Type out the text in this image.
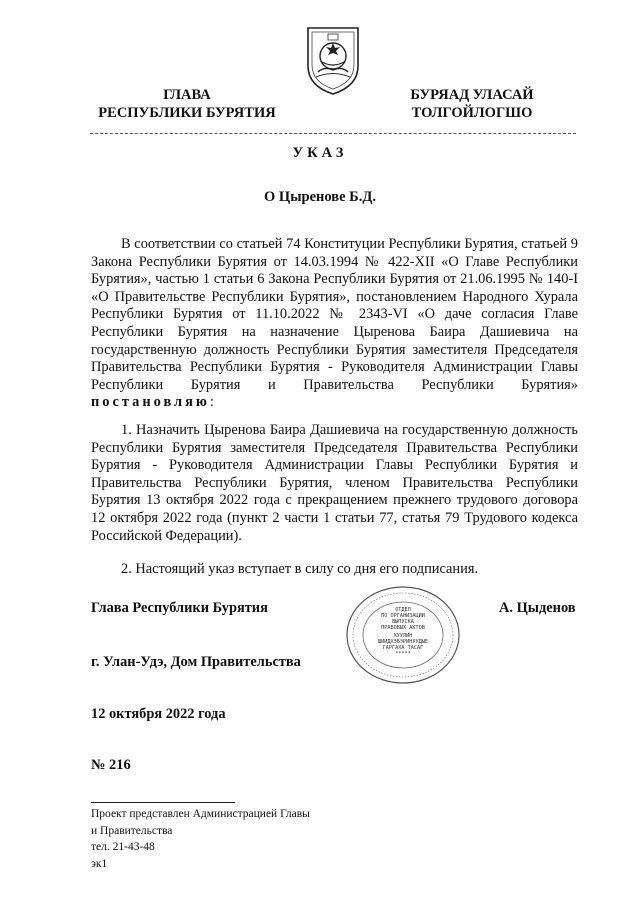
ГЛАВА
РЕСПУБЛИКИ БУРЯТИЯ
БУРЯАД УЛАСАЙ
ТОЛГОЙЛОГШО
УКАЗ
О Цыренове Б.Д.

В соответствии со статьей 74 Конституции Республики Бурятия, статьей 9 Закона Республики Бурятия от 14.03.1994 № 422-XII «О Главе Республики Бурятия», частью 1 статьи 6 Закона Республики Бурятия от 21.06.1995 № 140-I «О Правительстве Республики Бурятия», постановлением Народного Хурала Республики Бурятия от 11.10.2022 № 2343-VI «О даче согласия Главе Республики Бурятия на назначение Цыренова Баира Дашиевича на государственную должность Республики Бурятия заместителя Председателя Правительства Республики Бурятия - Руководителя Администрации Главы Республики Бурятия и Правительства Республики Бурятия» постановляю:

1. Назначить Цыренова Баира Дашиевича на государственную должность Республики Бурятия заместителя Председателя Правительства Республики Бурятия - Руководителя Администрации Главы Республики Бурятия и Правительства Республики Бурятия, членом Правительства Республики Бурятия 13 октября 2022 года с прекращением прежнего трудового договора 12 октября 2022 года (пункт 2 части 1 статьи 77, статья 79 Трудового кодекса Российской Федерации).

2. Настоящий указ вступает в силу со дня его подписания.

Глава Республики Бурятия	ОТДЕЛ
ПО ОРГАНИЗАЦИИ
ВЫПУСКА
ПРАВОВЫХ АКТОВ
ХУУЛИН
ШИИДХЭБЭРИНУУДЫЕ
ГАРГАХА ТАСАГ
*****
А. Цыденов
г. Улан-Удэ, Дом Правительства
12 октября 2022 года
№ 216
Проект представлен Администрацией Главы
и Правительства
тел. 21-43-48
эк1
